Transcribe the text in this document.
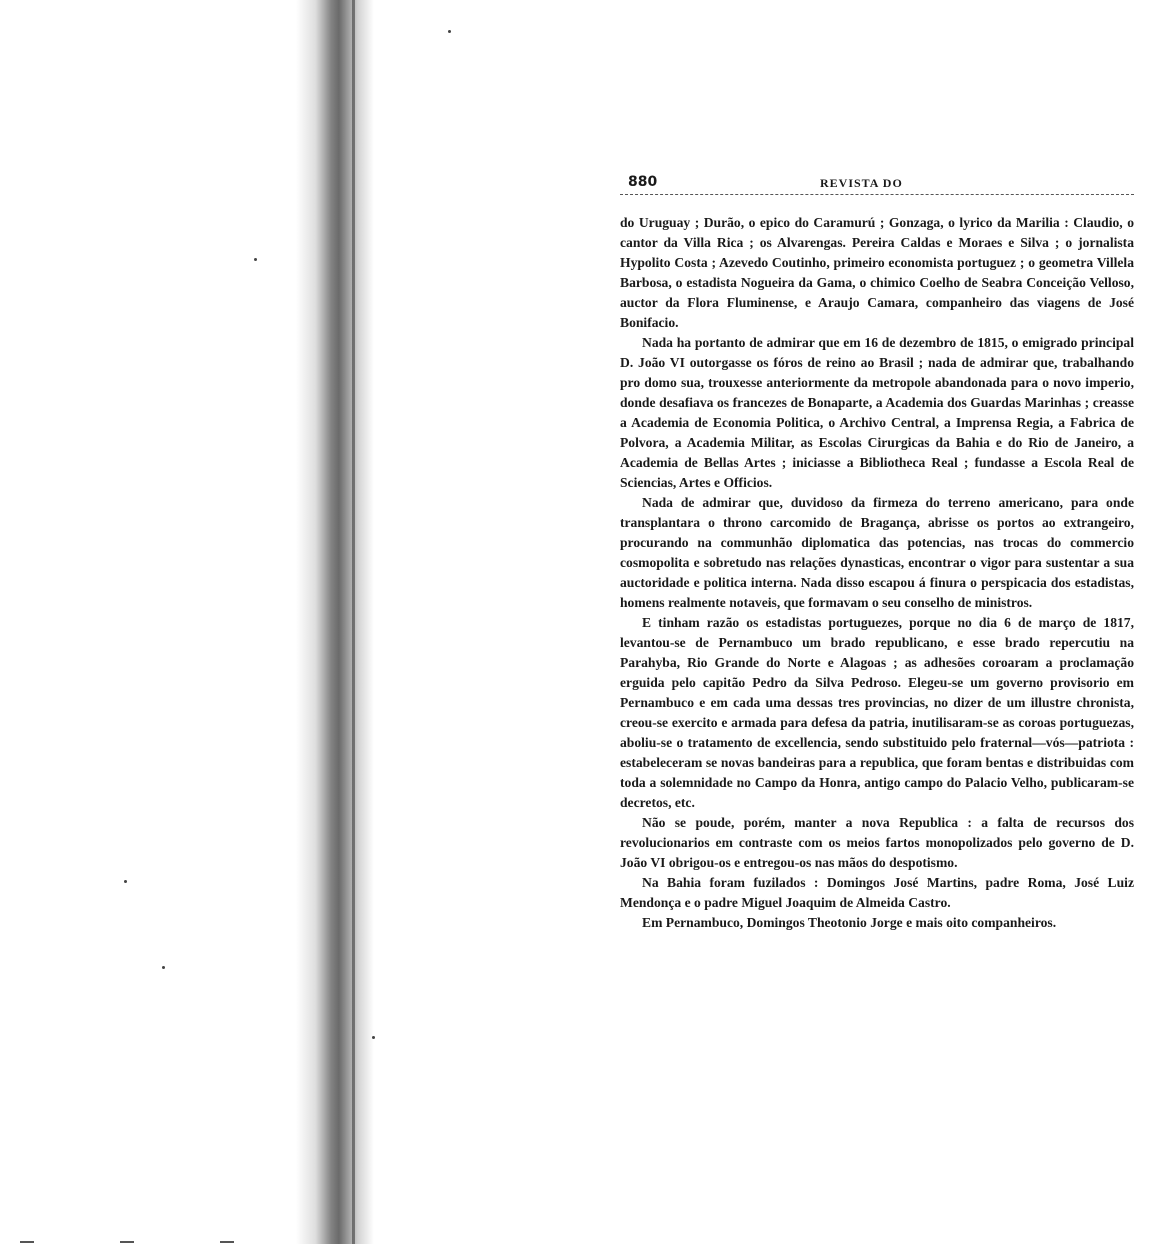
880	REVISTA DO

do Uruguay ; Durão, o epico do Caramurú ; Gonzaga, o lyrico da Marilia : Claudio, o cantor da Villa Rica ; os Alvarengas. Pereira Caldas e Moraes e Silva ; o jornalista Hypolito Costa ; Azevedo Coutinho, primeiro economista portuguez ; o geometra Villela Barbosa, o estadista Nogueira da Gama, o chimico Coelho de Seabra Conceição Velloso, auctor da Flora Fluminense, e Araujo Camara, companheiro das viagens de José Bonifacio.

Nada ha portanto de admirar que em 16 de dezembro de 1815, o emigrado principal D. João VI outorgasse os fóros de reino ao Brasil ; nada de admirar que, trabalhando pro domo sua, trouxesse anteriormente da metropole abandonada para o novo imperio, donde desafiava os francezes de Bonaparte, a Academia dos Guardas Marinhas ; creasse a Academia de Economia Politica, o Archivo Central, a Imprensa Regia, a Fabrica de Polvora, a Academia Militar, as Escolas Cirurgicas da Bahia e do Rio de Janeiro, a Academia de Bellas Artes ; iniciasse a Bibliotheca Real ; fundasse a Escola Real de Sciencias, Artes e Officios.

Nada de admirar que, duvidoso da firmeza do terreno americano, para onde transplantara o throno carcomido de Bragança, abrisse os portos ao extrangeiro, procurando na communhão diplomatica das potencias, nas trocas do commercio cosmopolita e sobretudo nas relações dynasticas, encontrar o vigor para sustentar a sua auctoridade e politica interna. Nada disso escapou á finura o perspicacia dos estadistas, homens realmente notaveis, que formavam o seu conselho de ministros.

E tinham razão os estadistas portuguezes, porque no dia 6 de março de 1817, levantou-se de Pernambuco um brado republicano, e esse brado repercutiu na Parahyba, Rio Grande do Norte e Alagoas ; as adhesões coroaram a proclamação erguida pelo capitão Pedro da Silva Pedroso. Elegeu-se um governo provisorio em Pernambuco e em cada uma dessas tres provincias, no dizer de um illustre chronista, creou-se exercito e armada para defesa da patria, inutilisaram-se as coroas portuguezas, aboliu-se o tratamento de excellencia, sendo substituido pelo fraternal—vós—patriota : estabeleceram se novas bandeiras para a republica, que foram bentas e distribuidas com toda a solemnidade no Campo da Honra, antigo campo do Palacio Velho, publicaram-se decretos, etc.

Não se poude, porém, manter a nova Republica : a falta de recursos dos revolucionarios em contraste com os meios fartos monopolizados pelo governo de D. João VI obrigou-os e entregou-os nas mãos do despotismo.

Na Bahia foram fuzilados : Domingos José Martins, padre Roma, José Luiz Mendonça e o padre Miguel Joaquim de Almeida Castro.

Em Pernambuco, Domingos Theotonio Jorge e mais oito companheiros.
